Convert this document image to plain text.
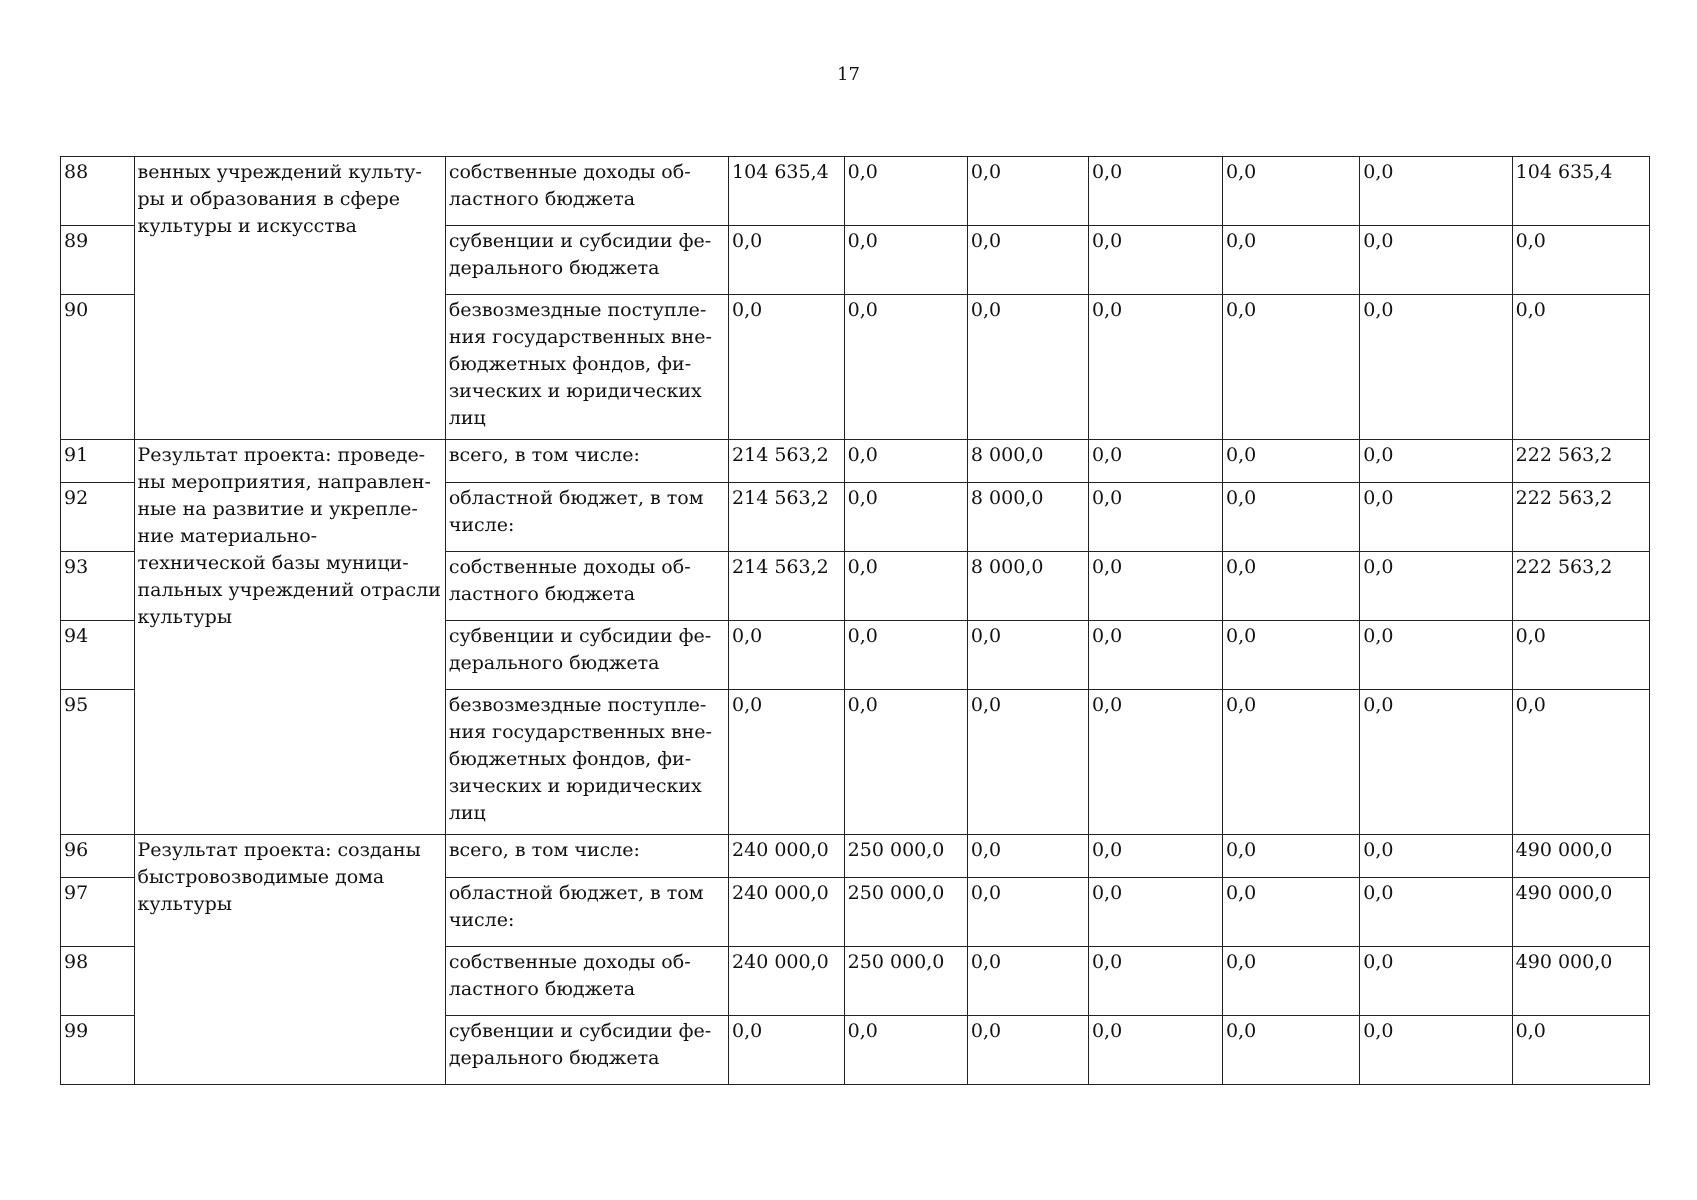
17
88	венных учреждений культу-ры и образования в сфере культуры и искусства	собственные доходы об-ластного бюджета	104 635,4	0,0	0,0	0,0	0,0	0,0	104 635,4
89		субвенции и субсидии фе-дерального бюджета	0,0	0,0	0,0	0,0	0,0	0,0	0,0
90		безвозмездные поступле-ния государственных вне-бюджетных фондов, фи-зических и юридических лиц	0,0	0,0	0,0	0,0	0,0	0,0	0,0
91	Результат проекта: проведе-ны мероприятия, направлен-ные на развитие и укрепле-ние материально-технической базы муници-пальных учреждений отрасли культуры	всего, в том числе:	214 563,2	0,0	8 000,0	0,0	0,0	0,0	222 563,2
92		областной бюджет, в том числе:	214 563,2	0,0	8 000,0	0,0	0,0	0,0	222 563,2
93		собственные доходы об-ластного бюджета	214 563,2	0,0	8 000,0	0,0	0,0	0,0	222 563,2
94		субвенции и субсидии фе-дерального бюджета	0,0	0,0	0,0	0,0	0,0	0,0	0,0
95		безвозмездные поступле-ния государственных вне-бюджетных фондов, фи-зических и юридических лиц	0,0	0,0	0,0	0,0	0,0	0,0	0,0
96	Результат проекта: созданы быстровозводимые дома культуры	всего, в том числе:	240 000,0	250 000,0	0,0	0,0	0,0	0,0	490 000,0
97		областной бюджет, в том числе:	240 000,0	250 000,0	0,0	0,0	0,0	0,0	490 000,0
98		собственные доходы об-ластного бюджета	240 000,0	250 000,0	0,0	0,0	0,0	0,0	490 000,0
99		субвенции и субсидии фе-дерального бюджета	0,0	0,0	0,0	0,0	0,0	0,0	0,0
